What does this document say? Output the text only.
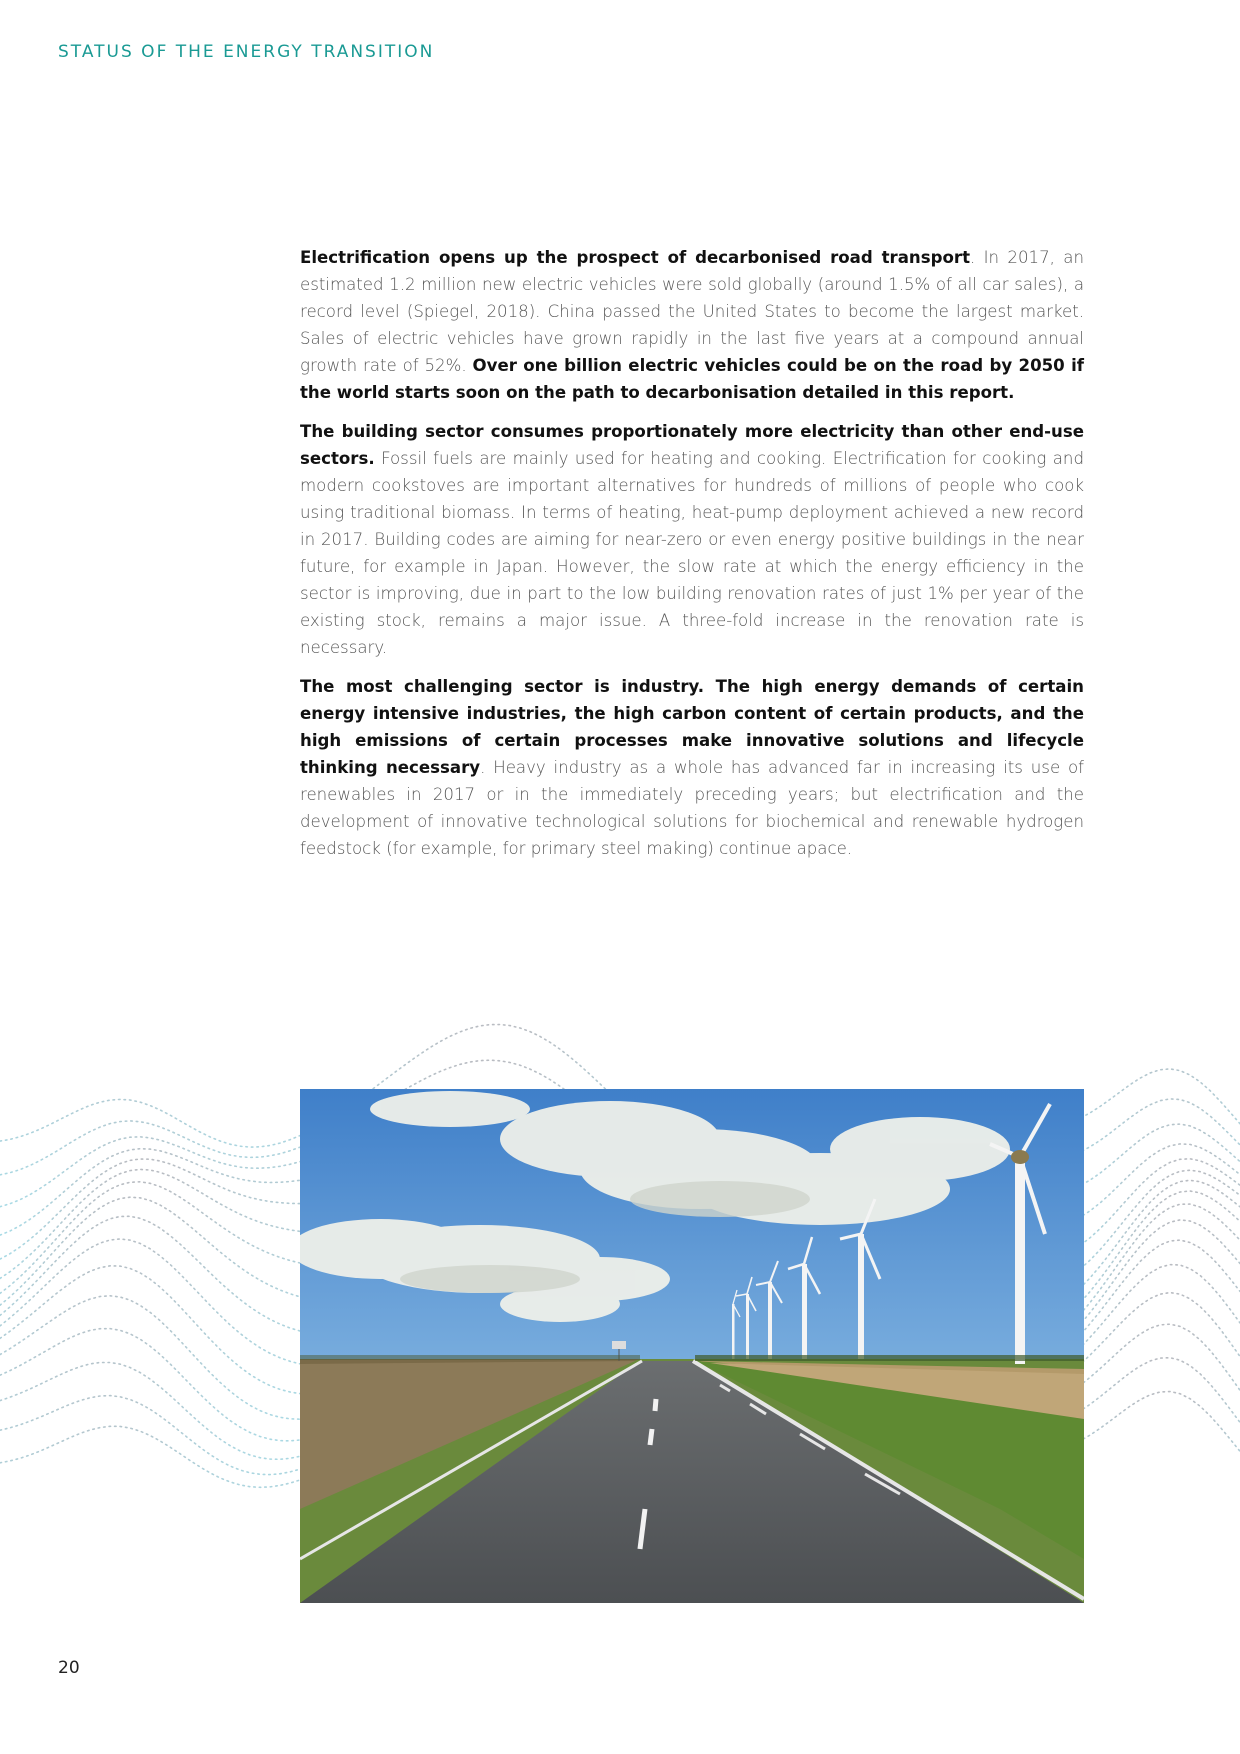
STATUS OF THE ENERGY TRANSITION

Electrification opens up the prospect of decarbonised road transport. In 2017, an estimated 1.2 million new electric vehicles were sold globally (around 1.5% of all car sales), a record level (Spiegel, 2018). China passed the United States to become the largest market. Sales of electric vehicles have grown rapidly in the last five years at a compound annual growth rate of 52%. Over one billion electric vehicles could be on the road by 2050 if the world starts soon on the path to decarbonisation detailed in this report.

The building sector consumes proportionately more electricity than other end-use sectors. Fossil fuels are mainly used for heating and cooking. Electrification for cooking and modern cookstoves are important alternatives for hundreds of millions of people who cook using traditional biomass. In terms of heating, heat-pump deployment achieved a new record in 2017. Building codes are aiming for near-zero or even energy positive buildings in the near future, for example in Japan. However, the slow rate at which the energy efficiency in the sector is improving, due in part to the low building renovation rates of just 1% per year of the existing stock, remains a major issue. A three-fold increase in the renovation rate is necessary.

The most challenging sector is industry. The high energy demands of certain energy intensive industries, the high carbon content of certain products, and the high emissions of certain processes make innovative solutions and lifecycle thinking necessary. Heavy industry as a whole has advanced far in increasing its use of renewables in 2017 or in the immediately preceding years; but electrification and the development of innovative technological solutions for biochemical and renewable hydrogen feedstock (for example, for primary steel making) continue apace.

20
